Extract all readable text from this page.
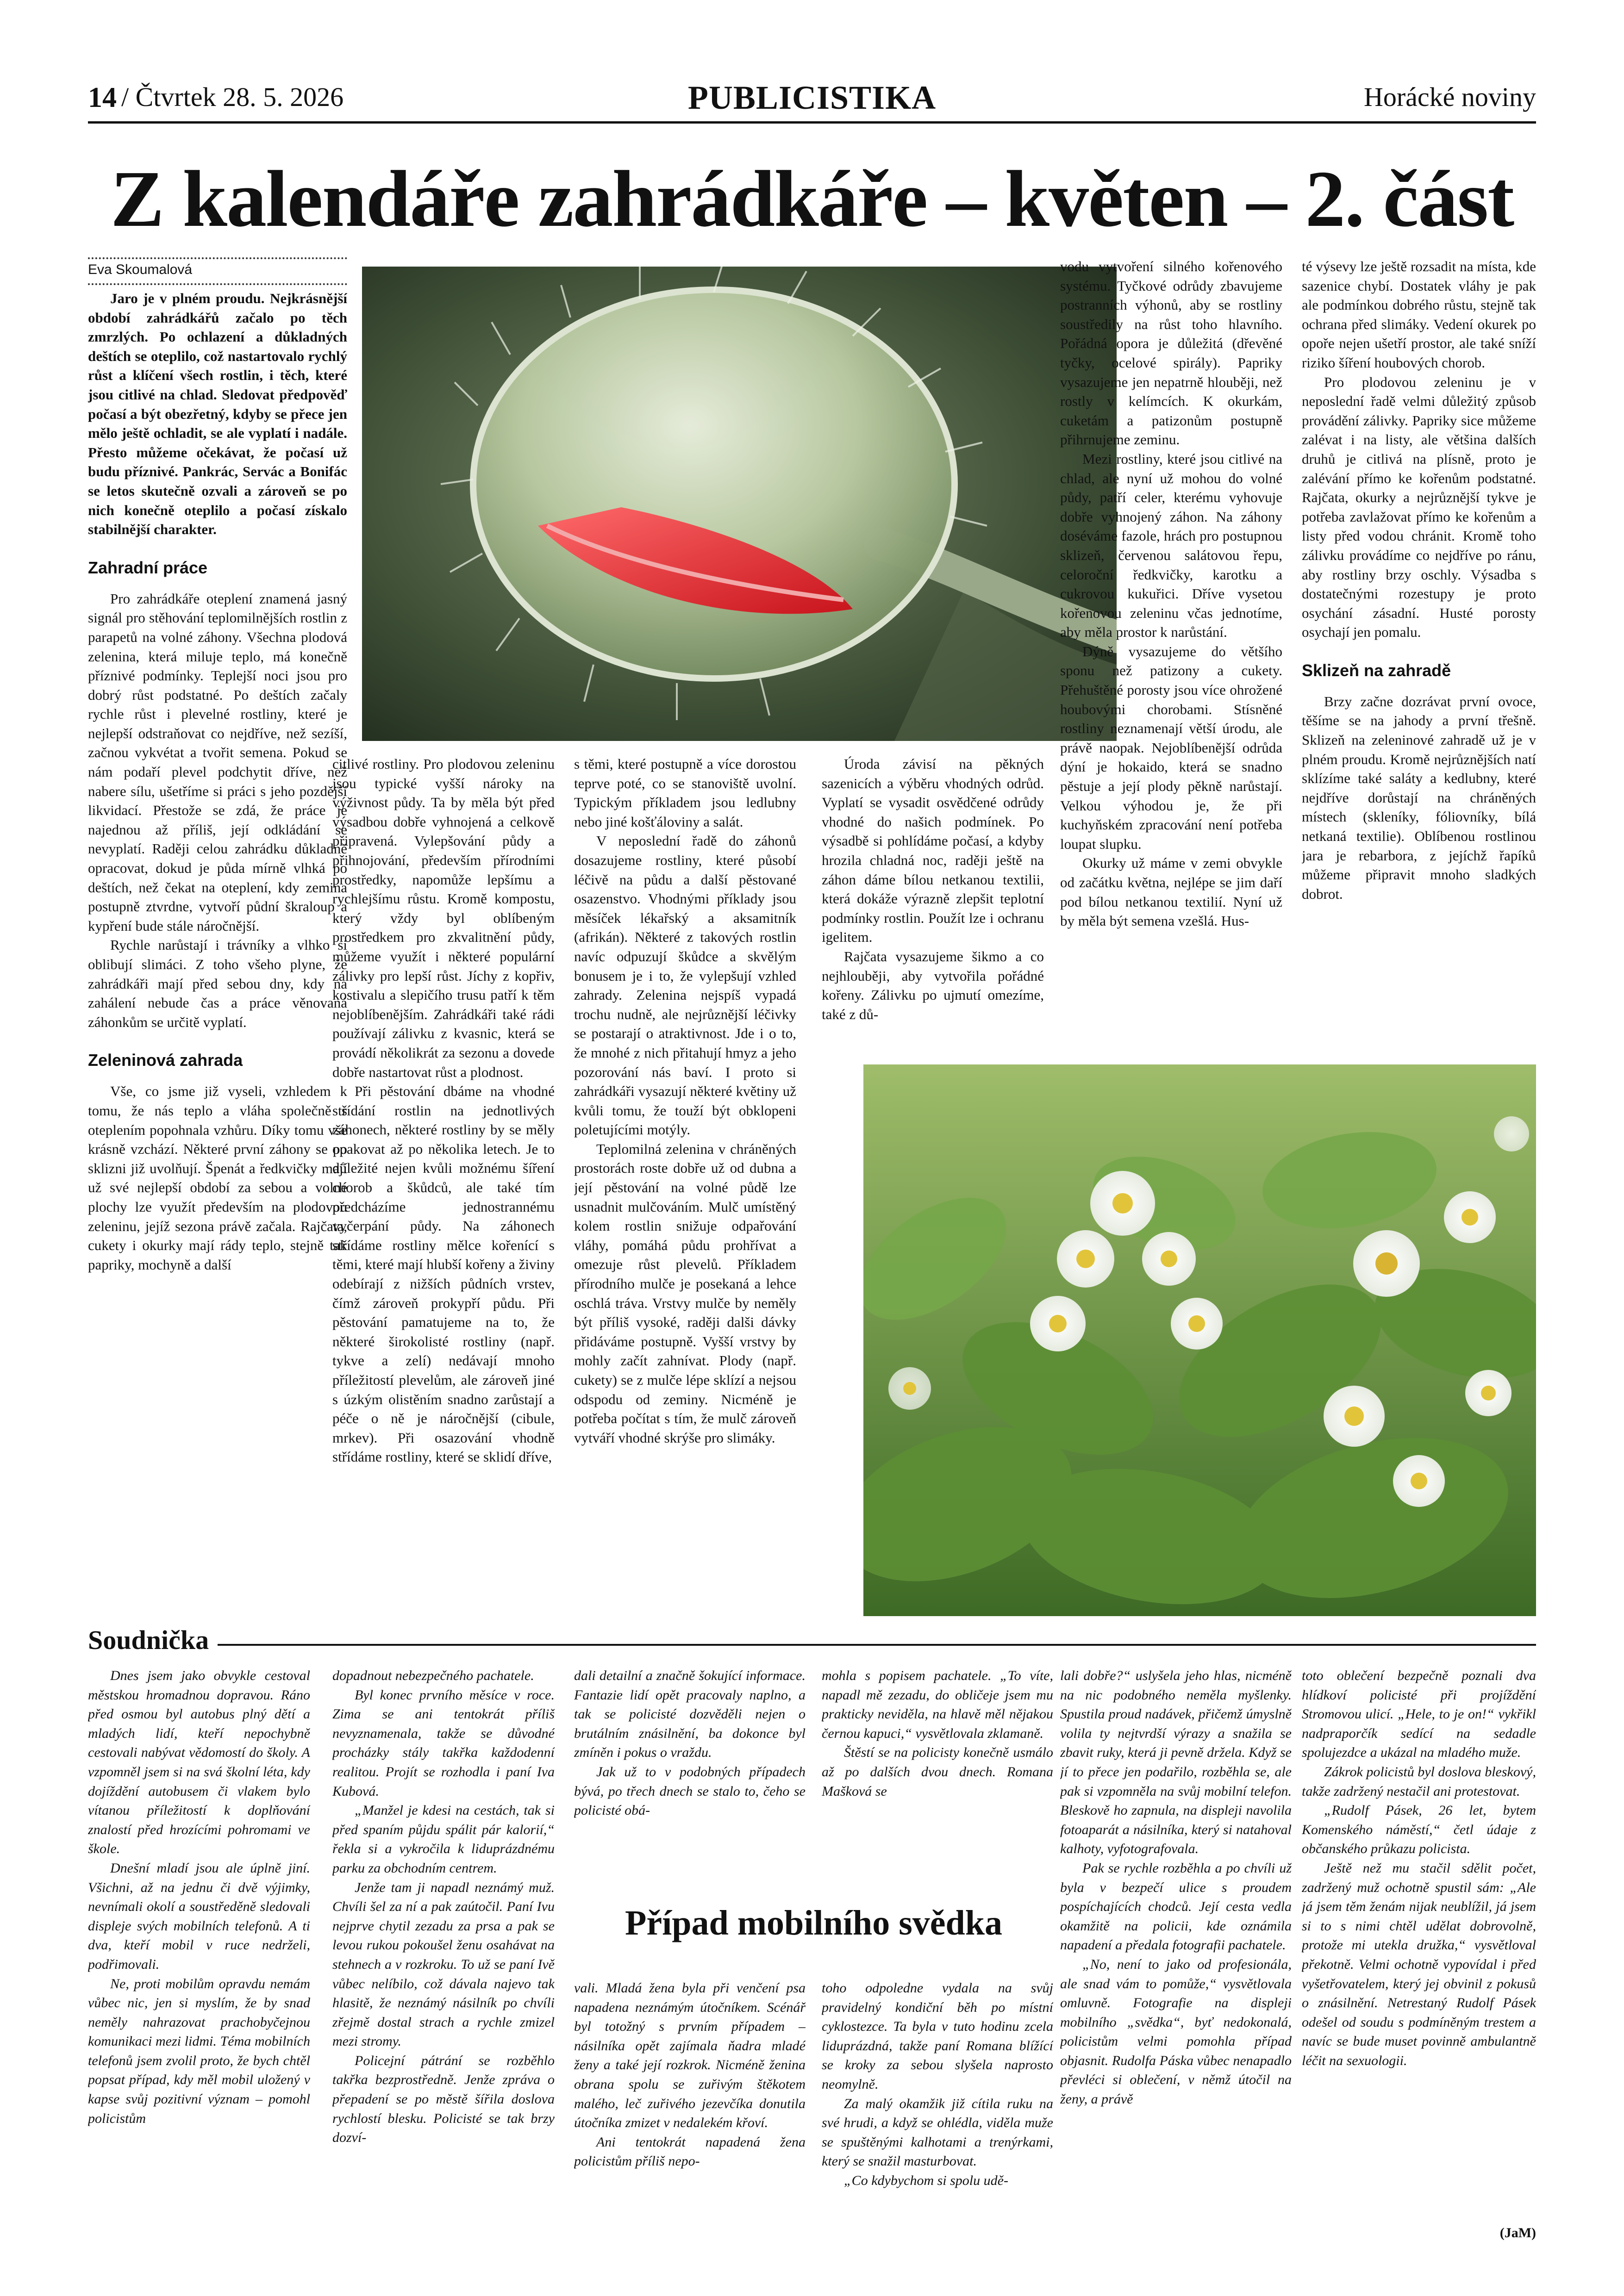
14 / Čtvrtek 28. 5. 2026	PUBLICISTIKA	Horácké noviny
Z kalendáře zahrádkáře – květen – 2. část
Eva Skoumalová

Jaro je v plném proudu. Nejkrásnější období zahrádkářů začalo po těch zmrzlých. Po ochlazení a důkladných deštích se oteplilo, což nastartovalo rychlý růst a klíčení všech rostlin, i těch, které jsou citlivé na chlad. Sledovat předpověď počasí a být obezřetný, kdyby se přece jen mělo ještě ochladit, se ale vyplatí i nadále. Přesto můžeme očekávat, že počasí už budu příznivé. Pankrác, Servác a Bonifác se letos skutečně ozvali a zároveň se po nich konečně oteplilo a počasí získalo stabilnější charakter.

Zahradní práce

Pro zahrádkáře oteplení znamená jasný signál pro stěhování teplomilnějších rostlin z parapetů na volné záhony. Všechna plodová zelenina, která miluje teplo, má konečně příznivé podmínky. Teplejší noci jsou pro dobrý růst podstatné. Po deštích začaly rychle růst i plevelné rostliny, které je nejlepší odstraňovat co nejdříve, než sezíší, začnou vykvétat a tvořit semena. Pokud se nám podaří plevel podchytit dříve, než nabere sílu, ušetříme si práci s jeho pozdější likvidací. Přestože se zdá, že práce je najednou až příliš, její odkládání se nevyplatí. Raději celou zahrádku důkladně opracovat, dokud je půda mírně vlhká po deštích, než čekat na oteplení, kdy zemina postupně ztvrdne, vytvoří půdní škraloup a kypření bude stále náročnější.

Rychle narůstají i trávníky a vlhko si oblibují slimáci. Z toho všeho plyne, že zahrádkáři mají před sebou dny, kdy na zahálení nebude čas a práce věnovaná záhonkům se určitě vyplatí.

Zeleninová zahrada

Vše, co jsme již vyseli, vzhledem k tomu, že nás teplo a vláha společně s oteplením popohnala vzhůru. Díky tomu vše krásně vzchází. Některé první záhony se po sklizni již uvolňují. Špenát a ředkvičky mají už své nejlepší období za sebou a volné plochy lze využít především na plodovou zeleninu, jejíž sezona právě začala. Rajčata, cukety i okurky mají rády teplo, stejně tak papriky, mochyně a další

citlivé rostliny. Pro plodovou zeleninu jsou typické vyšší nároky na výživnost půdy. Ta by měla být před výsadbou dobře vyhnojená a celkově připravená. Vylepšování půdy a přihnojování, především přírodními prostředky, napomůže lepšímu a rychlejšímu růstu. Kromě kompostu, který vždy byl oblíbeným prostředkem pro zkvalitnění půdy, můžeme využít i některé populární zálivky pro lepší růst. Jíchy z kopřiv, kostivalu a slepičího trusu patří k těm nejoblíbenějším. Zahrádkáři také rádi používají zálivku z kvasnic, která se provádí několikrát za sezonu a dovede dobře nastartovat růst a plodnost.

Při pěstování dbáme na vhodné střídání rostlin na jednotlivých záhonech, některé rostliny by se měly opakovat až po několika letech. Je to důležité nejen kvůli možnému šíření chorob a škůdců, ale také tím předcházíme jednostrannému vyčerpání půdy. Na záhonech střídáme rostliny mělce kořenící s těmi, které mají hlubší kořeny a živiny odebírají z nižších půdních vrstev, čímž zároveň prokypří půdu. Při pěstování pamatujeme na to, že některé širokolisté rostliny (např. tykve a zelí) nedávají mnoho příležitostí plevelům, ale zároveň jiné s úzkým olistěním snadno zarůstají a péče o ně je náročnější (cibule, mrkev). Při osazování vhodně střídáme rostliny, které se sklidí dříve,

s těmi, které postupně a více dorostou teprve poté, co se stanoviště uvolní. Typickým příkladem jsou ledlubny nebo jiné košťáloviny a salát.

V neposlední řadě do záhonů dosazujeme rostliny, které působí léčivě na půdu a další pěstované osazenstvo. Vhodnými příklady jsou měsíček lékařský a aksamitník (afrikán). Některé z takových rostlin navíc odpuzují škůdce a skvělým bonusem je i to, že vylepšují vzhled zahrady. Zelenina nejspíš vypadá trochu nudně, ale nejrůznější léčivky se postarají o atraktivnost. Jde i o to, že mnohé z nich přitahují hmyz a jeho pozorování nás baví. I proto si zahrádkáři vysazují některé květiny už kvůli tomu, že touží být obklopeni poletujícími motýly.

Teplomilná zelenina v chráněných prostorách roste dobře už od dubna a její pěstování na volné půdě lze usnadnit mulčováním. Mulč umístěný kolem rostlin snižuje odpařování vláhy, pomáhá půdu prohřívat a omezuje růst plevelů. Příkladem přírodního mulče je posekaná a lehce oschlá tráva. Vrstvy mulče by neměly být příliš vysoké, raději dalši dávky přidáváme postupně. Vyšší vrstvy by mohly začít zahnívat. Plody (např. cukety) se z mulče lépe sklízí a nejsou odspodu od zeminy. Nicméně je potřeba počítat s tím, že mulč zároveň vytváří vhodné skrýše pro slimáky.

Úroda závisí na pěkných sazenicích a výběru vhodných odrůd. Vyplatí se vysadit osvědčené odrůdy vhodné do našich podmínek. Po výsadbě si pohlídáme počasí, a kdyby hrozila chladná noc, raději ještě na záhon dáme bílou netkanou textilii, která dokáže výrazně zlepšit teplotní podmínky rostlin. Použít lze i ochranu igelitem.

Rajčata vysazujeme šikmo a co nejhlouběji, aby vytvořila pořádné kořeny. Zálivku po ujmutí omezíme, také z dů-

vodu vytvoření silného kořenového systému. Tyčkové odrůdy zbavujeme postranních výhonů, aby se rostliny soustředily na růst toho hlavního. Pořádná opora je důležitá (dřevěné tyčky, ocelové spirály). Papriky vysazujeme jen nepatrně hlouběji, než rostly v kelímcích. K okurkám, cuketám a patizonům postupně přihrnujeme zeminu.

Mezi rostliny, které jsou citlivé na chlad, ale nyní už mohou do volné půdy, patří celer, kterému vyhovuje dobře vyhnojený záhon. Na záhony doséváme fazole, hrách pro postupnou sklizeň, červenou salátovou řepu, celoroční ředkvičky, karotku a cukrovou kukuřici. Dříve vysetou kořenovou zeleninu včas jednotíme, aby měla prostor k narůstání.

Dýně vysazujeme do většího sponu než patizony a cukety. Přehuštěné porosty jsou více ohrožené houbovými chorobami. Stísněné rostliny neznamenají větší úrodu, ale právě naopak. Nejoblíbenější odrůda dýní je hokaido, která se snadno pěstuje a její plody pěkně narůstají. Velkou výhodou je, že při kuchyňském zpracování není potřeba loupat slupku.

Okurky už máme v zemi obvykle od začátku května, nejlépe se jim daří pod bílou netkanou textilií. Nyní už by měla být semena vzešlá. Hus-

té výsevy lze ještě rozsadit na místa, kde sazenice chybí. Dostatek vláhy je pak ale podmínkou dobrého růstu, stejně tak ochrana před slimáky. Vedení okurek po opoře nejen ušetří prostor, ale také sníží riziko šíření houbových chorob.

Pro plodovou zeleninu je v neposlední řadě velmi důležitý způsob provádění zálivky. Papriky sice můžeme zalévat i na listy, ale většina dalších druhů je citlivá na plísně, proto je zalévání přímo ke kořenům podstatné. Rajčata, okurky a nejrůznější tykve je potřeba zavlažovat přímo ke kořenům a listy před vodou chránit. Kromě toho zálivku provádíme co nejdříve po ránu, aby rostliny brzy oschly. Výsadba s dostatečnými rozestupy je proto osychání zásadní. Husté porosty osychají jen pomalu.

Sklizeň na zahradě

Brzy začne dozrávat první ovoce, těšíme se na jahody a první třešně. Sklizeň na zeleninové zahradě už je v plném proudu. Kromě nejrůznějších natí sklízíme také saláty a kedlubny, které nejdříve dorůstají na chráněných místech (skleníky, fóliovníky, bílá netkaná textilie). Oblíbenou rostlinou jara je rebarbora, z jejíchž řapíků můžeme připravit mnoho sladkých dobrot.

Soudnička

Dnes jsem jako obvykle cestoval městskou hromadnou dopravou. Ráno před osmou byl autobus plný dětí a mladých lidí, kteří nepochybně cestovali nabývat vědomostí do školy. A vzpomněl jsem si na svá školní léta, kdy dojíždění autobusem či vlakem bylo vítanou příležitostí k doplňování znalostí před hrozícími pohromami ve škole.

Dnešní mladí jsou ale úplně jiní. Všichni, až na jednu či dvě výjimky, nevnímali okolí a soustředěně sledovali displeje svých mobilních telefonů. A ti dva, kteří mobil v ruce nedrželi, podřimovali.

Ne, proti mobilům opravdu nemám vůbec nic, jen si myslím, že by snad neměly nahrazovat prachobyčejnou komunikaci mezi lidmi. Téma mobilních telefonů jsem zvolil proto, že bych chtěl popsat případ, kdy měl mobil uložený v kapse svůj pozitivní význam – pomohl policistům

dopadnout nebezpečného pachatele.

Byl konec prvního měsíce v roce. Zima se ani tentokrát příliš nevyznamenala, takže se důvodné procházky stály takřka každodenní realitou. Projít se rozhodla i paní Iva Kubová.

„Manžel je kdesi na cestách, tak si před spaním půjdu spálit pár kalorií,“ řekla si a vykročila k liduprázdnému parku za obchodním centrem.

Jenže tam ji napadl neznámý muž. Chvíli šel za ní a pak zaútočil. Paní Ivu nejprve chytil zezadu za prsa a pak se levou rukou pokoušel ženu osahávat na stehnech a v rozkroku. To už se paní Ivě vůbec nelíbilo, což dávala najevo tak hlasitě, že neznámý násilník po chvíli zřejmě dostal strach a rychle zmizel mezi stromy.

Policejní pátrání se rozběhlo takřka bezprostředně. Jenže zpráva o přepadení se po městě šířila doslova rychlostí blesku. Policisté se tak brzy dozví-

dali detailní a značně šokující informace. Fantazie lidí opět pracovaly naplno, a tak se policisté dozvěděli nejen o brutálním znásilnění, ba dokonce byl zmíněn i pokus o vraždu.

Jak už to v podobných případech bývá, po třech dnech se stalo to, čeho se policisté obá-

mohla s popisem pachatele. „To víte, napadl mě zezadu, do obličeje jsem mu prakticky neviděla, na hlavě měl nějakou černou kapuci,“ vysvětlovala zklamaně.

Štěstí se na policisty konečně usmálo až po dalších dvou dnech. Romana Mašková se

Případ mobilního svědka

vali. Mladá žena byla při venčení psa napadena neznámým útočníkem. Scénář byl totožný s prvním případem – násilníka opět zajímala ňadra mladé ženy a také její rozkrok. Nicméně ženina obrana spolu se zuřivým štěkotem malého, leč zuřivého jezevčíka donutila útočníka zmizet v nedalekém křoví.

Ani tentokrát napadená žena policistům příliš nepo-

toho odpoledne vydala na svůj pravidelný kondiční běh po místní cyklostezce. Ta byla v tuto hodinu zcela liduprázdná, takže paní Romana blížící se kroky za sebou slyšela naprosto neomylně.

Za malý okamžik již cítila ruku na své hrudi, a když se ohlédla, viděla muže se spuštěnými kalhotami a trenýrkami, který se snažil masturbovat.

„Co kdybychom si spolu udě-

lali dobře?“ uslyšela jeho hlas, nicméně na nic podobného neměla myšlenky. Spustila proud nadávek, přičemž úmyslně volila ty nejtvrdší výrazy a snažila se zbavit ruky, která ji pevně držela. Když se jí to přece jen podařilo, rozběhla se, ale pak si vzpomněla na svůj mobilní telefon. Bleskově ho zapnula, na displeji navolila fotoaparát a násilníka, který si natahoval kalhoty, vyfotografovala.

Pak se rychle rozběhla a po chvíli už byla v bezpečí ulice s proudem pospíchajících chodců. Její cesta vedla okamžitě na policii, kde oznámila napadení a předala fotografii pachatele.

„No, není to jako od profesionála, ale snad vám to pomůže,“ vysvětlovala omluvně. Fotografie na displeji mobilního „svědka“, byť nedokonalá, policistům velmi pomohla případ objasnit. Rudolfa Páska vůbec nenapadlo převléci si oblečení, v němž útočil na ženy, a právě

toto oblečení bezpečně poznali dva hlídkoví policisté při projíždění Stromovou ulicí. „Hele, to je on!“ vykřikl nadpraporčík sedící na sedadle spolujezdce a ukázal na mladého muže.

Zákrok policistů byl doslova bleskový, takže zadržený nestačil ani protestovat.

„Rudolf Pásek, 26 let, bytem Komenského náměstí,“ četl údaje z občanského průkazu policista.

Ještě než mu stačil sdělit počet, zadržený muž ochotně spustil sám: „Ale já jsem těm ženám nijak neublížil, já jsem si to s nimi chtěl udělat dobrovolně, protože mi utekla družka,“ vysvětloval překotně. Velmi ochotně vypovídal i před vyšetřovatelem, který jej obvinil z pokusů o znásilnění. Netrestaný Rudolf Pásek odešel od soudu s podmíněným trestem a navíc se bude muset povinně ambulantně léčit na sexuologii.

(JaM)
